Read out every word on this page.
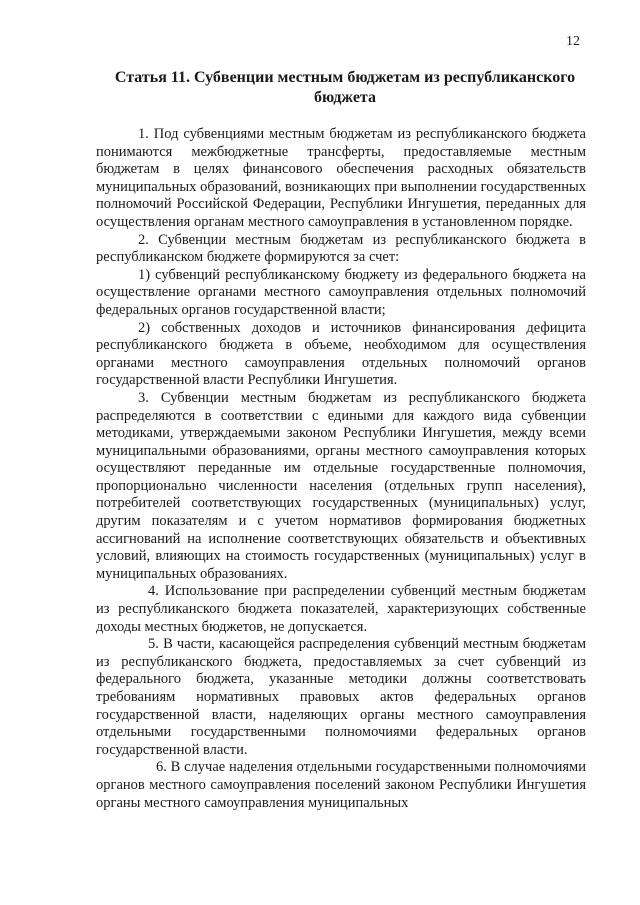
12
Статья 11. Субвенции местным бюджетам из республиканского
бюджета

1. Под субвенциями местным бюджетам из республиканского бюджета понимаются межбюджетные трансферты, предоставляемые местным бюджетам в целях финансового обеспечения расходных обязательств муниципальных образований, возникающих при выполнении государственных полномочий Российской Федерации, Республики Ингушетия, переданных для осуществления органам местного самоуправления в установленном порядке.

2. Субвенции местным бюджетам из республиканского бюджета в республиканском бюджете формируются за счет:

1) субвенций республиканскому бюджету из федерального бюджета на осуществление органами местного самоуправления отдельных полномочий федеральных органов государственной власти;

2) собственных доходов и источников финансирования дефицита республиканского бюджета в объеме, необходимом для осуществления органами местного самоуправления отдельных полномочий органов государственной власти Республики Ингушетия.

3. Субвенции местным бюджетам из республиканского бюджета распределяются в соответствии с едиными для каждого вида субвенции методиками, утверждаемыми законом Республики Ингушетия, между всеми муниципальными образованиями, органы местного самоуправления которых осуществляют переданные им отдельные государственные полномочия, пропорционально численности населения (отдельных групп населения), потребителей соответствующих государственных (муниципальных) услуг, другим показателям и с учетом нормативов формирования бюджетных ассигнований на исполнение соответствующих обязательств и объективных условий, влияющих на стоимость государственных (муниципальных) услуг в муниципальных образованиях.

4. Использование при распределении субвенций местным бюджетам из республиканского бюджета показателей, характеризующих собственные доходы местных бюджетов, не допускается.

5. В части, касающейся распределения субвенций местным бюджетам из республиканского бюджета, предоставляемых за счет субвенций из федерального бюджета, указанные методики должны соответствовать требованиям нормативных правовых актов федеральных органов государственной власти, наделяющих органы местного самоуправления отдельными государственными полномочиями федеральных органов государственной власти.

6. В случае наделения отдельными государственными полномочиями органов местного самоуправления поселений законом Республики Ингушетия органы местного самоуправления муниципальных
